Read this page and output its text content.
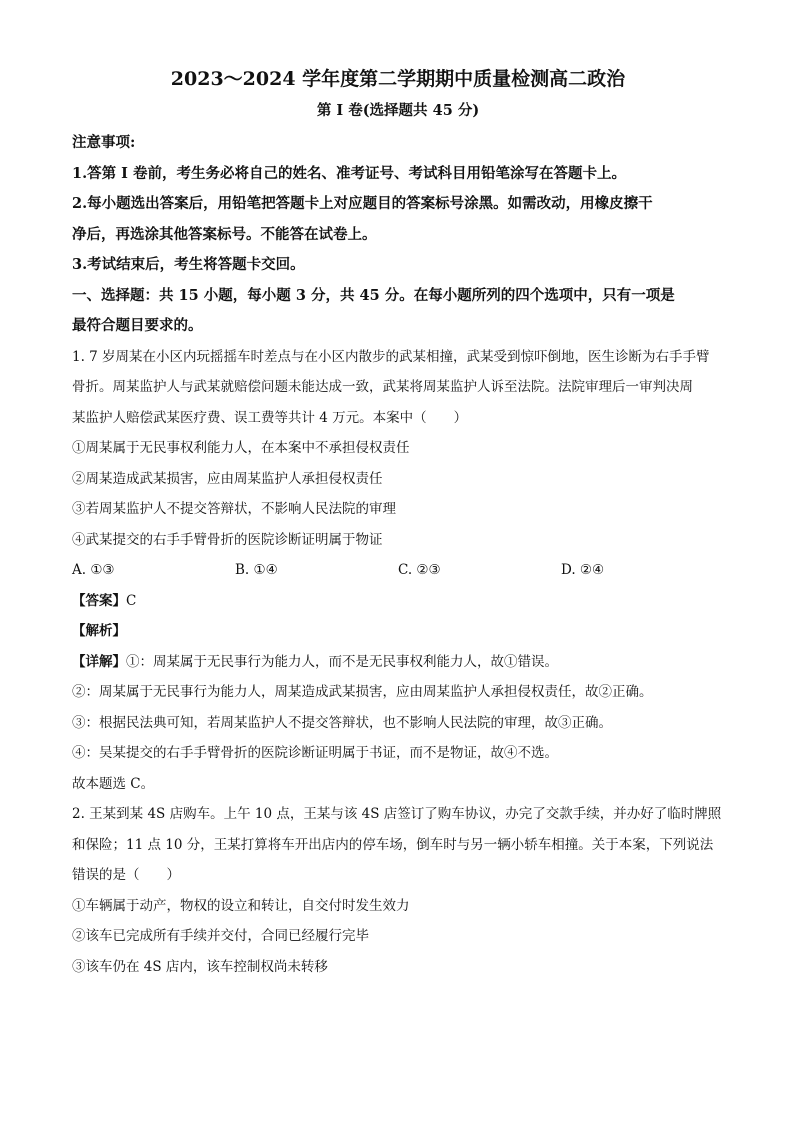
2023～2024 学年度第二学期期中质量检测高二政治

第 I 卷(选择题共 45 分)

注意事项:

1.答第 I 卷前，考生务必将自己的姓名、准考证号、考试科目用铅笔涂写在答题卡上。

2.每小题选出答案后，用铅笔把答题卡上对应题目的答案标号涂黑。如需改动，用橡皮擦干

净后，再选涂其他答案标号。不能答在试卷上。

3.考试结束后，考生将答题卡交回。

一、选择题：共 15 小题，每小题 3 分，共 45 分。在每小题所列的四个选项中，只有一项是

最符合题目要求的。

1. 7 岁周某在小区内玩摇摇车时差点与在小区内散步的武某相撞，武某受到惊吓倒地，医生诊断为右手手臂

骨折。周某监护人与武某就赔偿问题未能达成一致，武某将周某监护人诉至法院。法院审理后一审判决周

某监护人赔偿武某医疗费、误工费等共计 4 万元。本案中（　　）

①周某属于无民事权利能力人，在本案中不承担侵权责任

②周某造成武某损害，应由周某监护人承担侵权责任

③若周某监护人不提交答辩状，不影响人民法院的审理

④武某提交的右手手臂骨折的医院诊断证明属于物证

A. ①③	B. ①④	C. ②③	D. ②④

【答案】C

【解析】

【详解】①：周某属于无民事行为能力人，而不是无民事权利能力人，故①错误。

②：周某属于无民事行为能力人，周某造成武某损害，应由周某监护人承担侵权责任，故②正确。

③：根据民法典可知，若周某监护人不提交答辩状，也不影响人民法院的审理，故③正确。

④：吴某提交的右手手臂骨折的医院诊断证明属于书证，而不是物证，故④不选。

故本题选 C。

2. 王某到某 4S 店购车。上午 10 点，王某与该 4S 店签订了购车协议，办完了交款手续，并办好了临时牌照

和保险；11 点 10 分，王某打算将车开出店内的停车场，倒车时与另一辆小轿车相撞。关于本案，下列说法

错误的是（　　）

①车辆属于动产，物权的设立和转让，自交付时发生效力

②该车已完成所有手续并交付，合同已经履行完毕

③该车仍在 4S 店内，该车控制权尚未转移
